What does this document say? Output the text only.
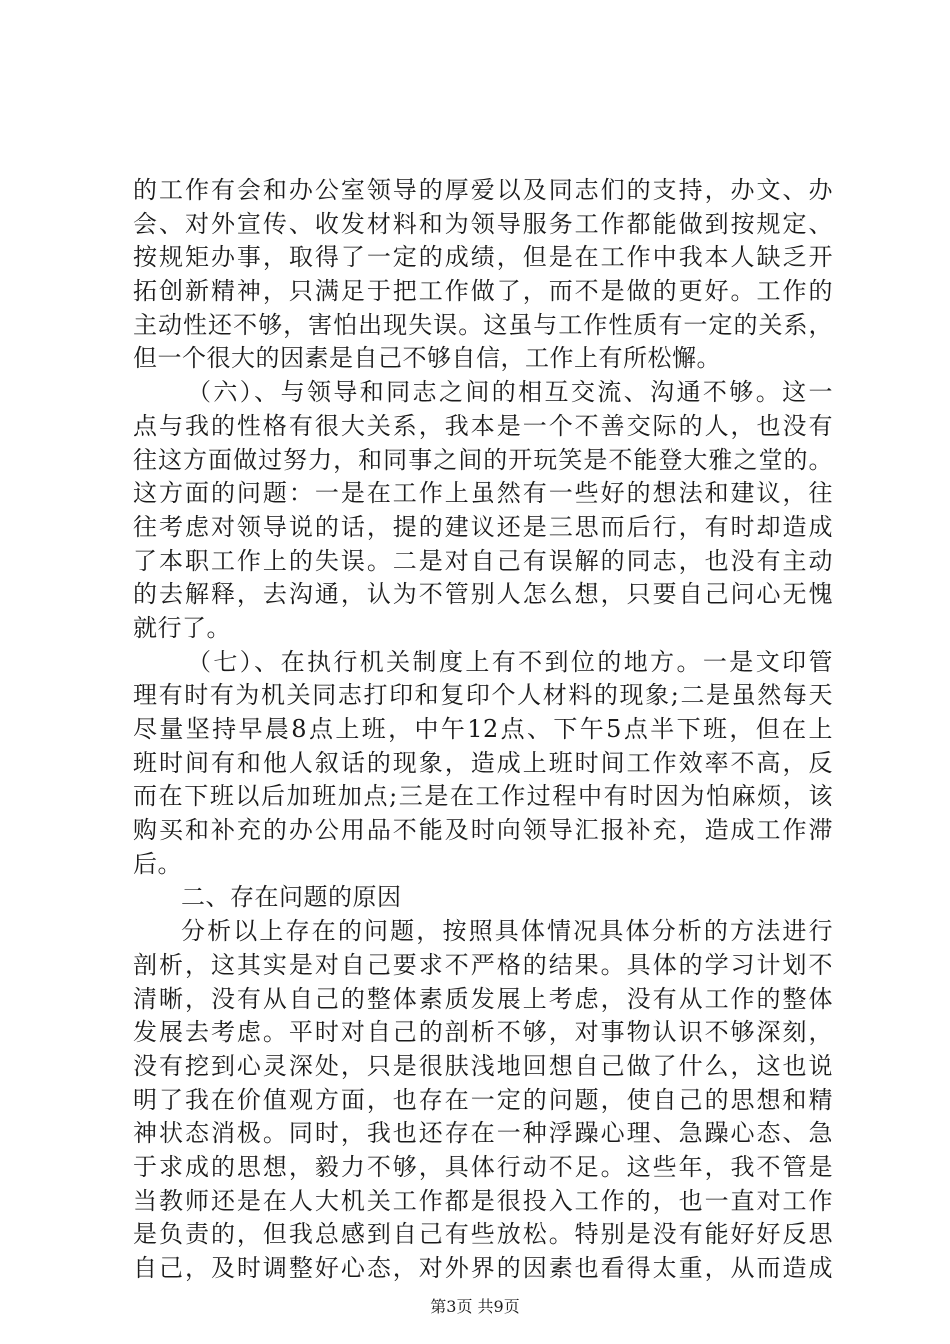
的工作有会和办公室领导的厚爱以及同志们的支持，办文、办
会、对外宣传、收发材料和为领导服务工作都能做到按规定、
按规矩办事，取得了一定的成绩，但是在工作中我本人缺乏开
拓创新精神，只满足于把工作做了，而不是做的更好。工作的
主动性还不够，害怕出现失误。这虽与工作性质有一定的关系，
但一个很大的因素是自己不够自信，工作上有所松懈。
（六）、与领导和同志之间的相互交流、沟通不够。这一
点与我的性格有很大关系，我本是一个不善交际的人，也没有
往这方面做过努力，和同事之间的开玩笑是不能登大雅之堂的。
这方面的问题：一是在工作上虽然有一些好的想法和建议，往
往考虑对领导说的话，提的建议还是三思而后行，有时却造成
了本职工作上的失误。二是对自己有误解的同志，也没有主动
的去解释，去沟通，认为不管别人怎么想，只要自己问心无愧
就行了。
（七）、在执行机关制度上有不到位的地方。一是文印管
理有时有为机关同志打印和复印个人材料的现象;二是虽然每天
尽量坚持早晨8点上班，中午12点、下午5点半下班，但在上
班时间有和他人叙话的现象，造成上班时间工作效率不高，反
而在下班以后加班加点;三是在工作过程中有时因为怕麻烦，该
购买和补充的办公用品不能及时向领导汇报补充，造成工作滞
后。
二、存在问题的原因
分析以上存在的问题，按照具体情况具体分析的方法进行
剖析，这其实是对自己要求不严格的结果。具体的学习计划不
清晰，没有从自己的整体素质发展上考虑，没有从工作的整体
发展去考虑。平时对自己的剖析不够，对事物认识不够深刻，
没有挖到心灵深处，只是很肤浅地回想自己做了什么，这也说
明了我在价值观方面，也存在一定的问题，使自己的思想和精
神状态消极。同时，我也还存在一种浮躁心理、急躁心态、急
于求成的思想，毅力不够，具体行动不足。这些年，我不管是
当教师还是在人大机关工作都是很投入工作的，也一直对工作
是负责的，但我总感到自己有些放松。特别是没有能好好反思
自己，及时调整好心态，对外界的因素也看得太重，从而造成
第3页 共9页
